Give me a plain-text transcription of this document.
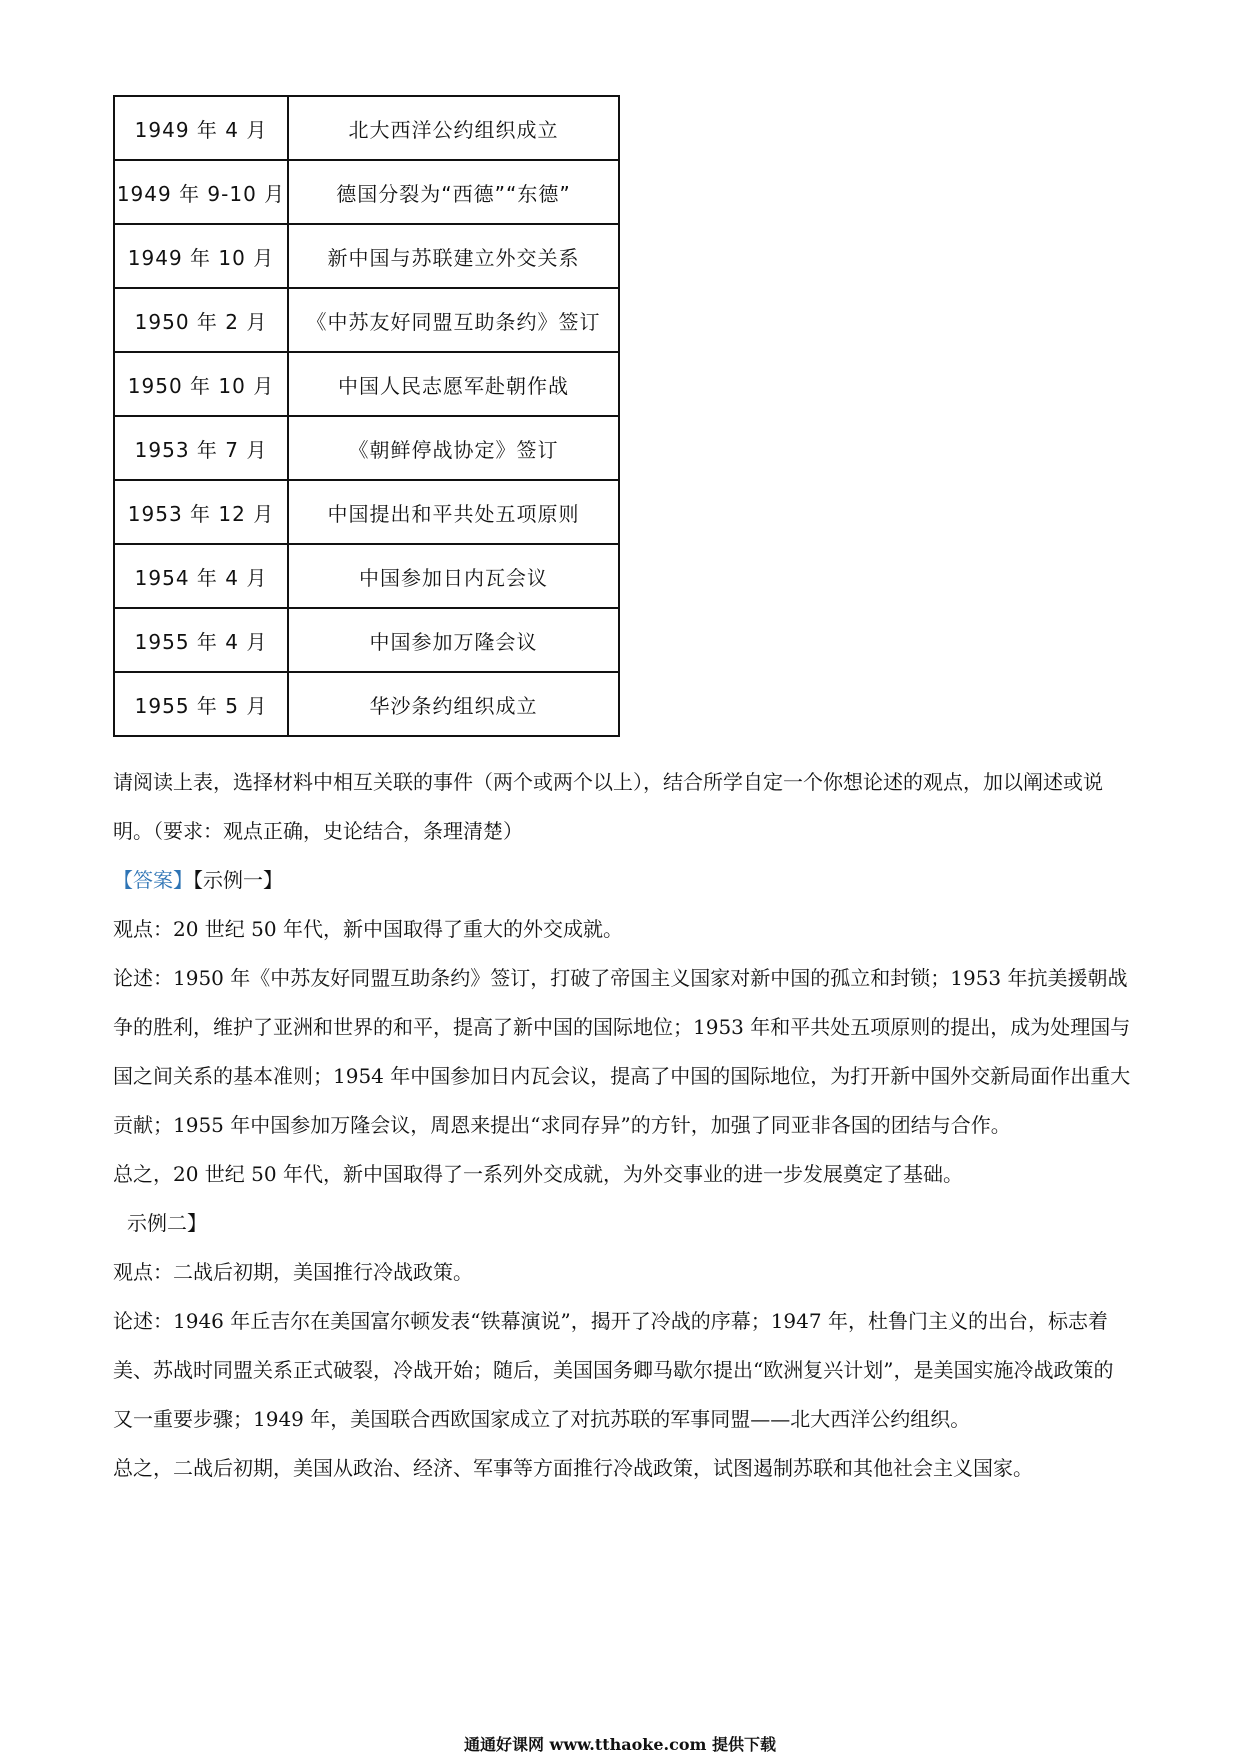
1949 年 4 月	北大西洋公约组织成立
1949 年 9-10 月	德国分裂为“西德”“东德”
1949 年 10 月	新中国与苏联建立外交关系
1950 年 2 月	《中苏友好同盟互助条约》签订
1950 年 10 月	中国人民志愿军赴朝作战
1953 年 7 月	《朝鲜停战协定》签订
1953 年 12 月	中国提出和平共处五项原则
1954 年 4 月	中国参加日内瓦会议
1955 年 4 月	中国参加万隆会议
1955 年 5 月	华沙条约组织成立

请阅读上表，选择材料中相互关联的事件（两个或两个以上），结合所学自定一个你想论述的观点，加以阐述或说明。（要求：观点正确，史论结合，条理清楚）

【答案】【示例一】

观点：20 世纪 50 年代，新中国取得了重大的外交成就。

论述：1950 年《中苏友好同盟互助条约》签订，打破了帝国主义国家对新中国的孤立和封锁；1953 年抗美援朝战争的胜利，维护了亚洲和世界的和平，提高了新中国的国际地位；1953 年和平共处五项原则的提出，成为处理国与国之间关系的基本准则；1954 年中国参加日内瓦会议，提高了中国的国际地位，为打开新中国外交新局面作出重大贡献；1955 年中国参加万隆会议，周恩来提出“求同存异”的方针，加强了同亚非各国的团结与合作。

总之，20 世纪 50 年代，新中国取得了一系列外交成就，为外交事业的进一步发展奠定了基础。

示例二】

观点：二战后初期，美国推行冷战政策。

论述：1946 年丘吉尔在美国富尔顿发表“铁幕演说”，揭开了冷战的序幕；1947 年，杜鲁门主义的出台，标志着美、苏战时同盟关系正式破裂，冷战开始；随后，美国国务卿马歇尔提出“欧洲复兴计划”，是美国实施冷战政策的又一重要步骤；1949 年，美国联合西欧国家成立了对抗苏联的军事同盟——北大西洋公约组织。

总之，二战后初期，美国从政治、经济、军事等方面推行冷战政策，试图遏制苏联和其他社会主义国家。

通通好课网 www.tthaoke.com 提供下载
